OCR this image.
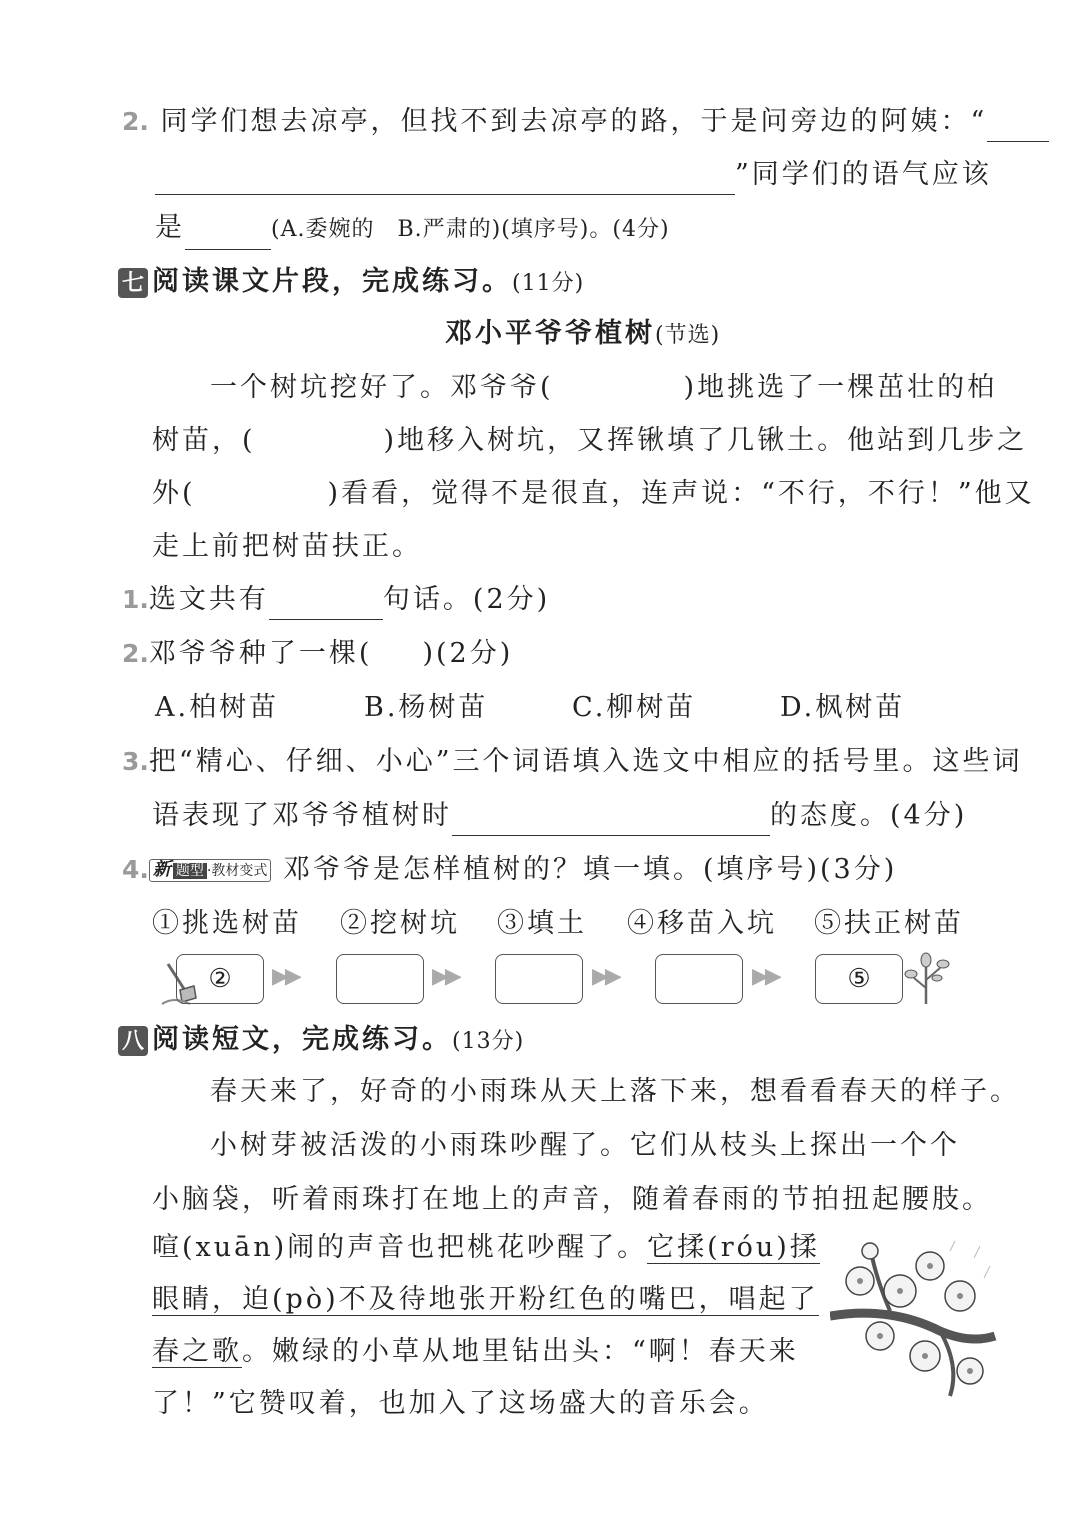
2. 同学们想去凉亭，但找不到去凉亭的路，于是问旁边的阿姨：“
”同学们的语气应该
是	(A.委婉的　B.严肃的)(填序号)。(4分)
七 阅读课文片段，完成练习。(11分)
邓小平爷爷植树(节选)
一个树坑挖好了。邓爷爷(	)地挑选了一棵茁壮的柏
树苗，(	)地移入树坑，又挥锹填了几锹土。他站到几步之
外(	)看看，觉得不是很直，连声说：“不行，不行！”他又
走上前把树苗扶正。
1.选文共有	句话。(2分)
2.邓爷爷种了一棵( )(2分)
A.柏树苗	B.杨树苗	C.柳树苗	D.枫树苗
3.把“精心、仔细、小心”三个词语填入选文中相应的括号里。这些词
语表现了邓爷爷植树时	的态度。(4分)
4. 新 题型 ·教材变式 邓爷爷是怎样植树的？填一填。(填序号)(3分)
①挑选树苗 ②挖树坑 ③填土 ④移苗入坑 ⑤扶正树苗
②	▶▶	▶▶	▶▶	▶▶	⑤
八 阅读短文，完成练习。(13分)
春天来了，好奇的小雨珠从天上落下来，想看看春天的样子。
小树芽被活泼的小雨珠吵醒了。它们从枝头上探出一个个
小脑袋，听着雨珠打在地上的声音，随着春雨的节拍扭起腰肢。
喧(xuān)闹的声音也把桃花吵醒了。它揉(róu)揉
眼睛，迫(pò)不及待地张开粉红色的嘴巴，唱起了
春之歌。嫩绿的小草从地里钻出头：“啊！春天来
了！”它赞叹着，也加入了这场盛大的音乐会。
